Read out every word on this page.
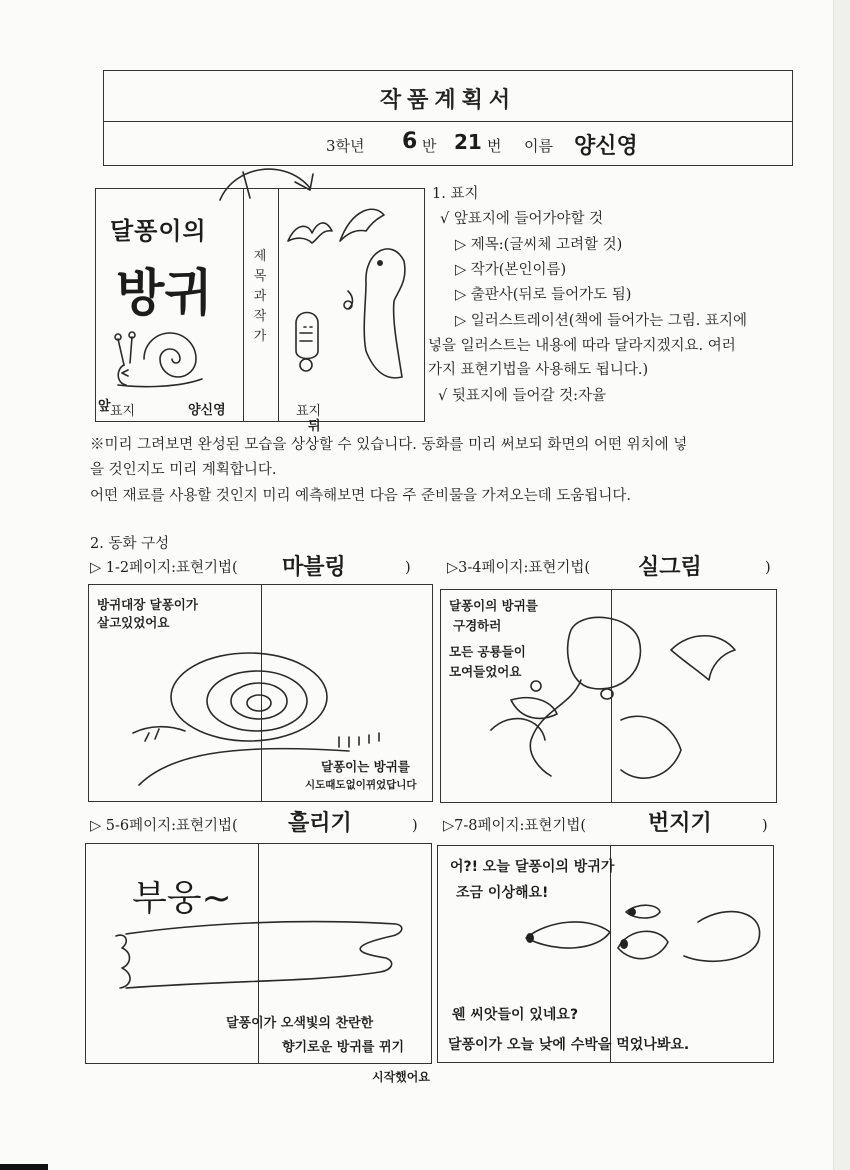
작품계획서
3학년 6 반 21 번 이름 양신영
달퐁이의
방귀
표지
앞	양신영
제목과작가
표지
뒤
1. 표지
√ 앞표지에 들어가야할 것
▷ 제목:(글씨체 고려할 것)
▷ 작가(본인이름)
▷ 출판사(뒤로 들어가도 됨)
▷ 일러스트레이션(책에 들어가는 그림. 표지에
넣을 일러스트는 내용에 따라 달라지겠지요. 여러
가지 표현기법을 사용해도 됩니다.)
√ 뒷표지에 들어갈 것:자율
※미리 그려보면 완성된 모습을 상상할 수 있습니다. 동화를 미리 써보되 화면의 어떤 위치에 넣
을 것인지도 미리 계획합니다.
어떤 재료를 사용할 것인지 미리 예측해보면 다음 주 준비물을 가져오는데 도움됩니다.
2. 동화 구성
▷ 1-2페이지:표현기법( 마블링	)	▷3-4페이지:표현기법( 실그림	)
방귀대장 달퐁이가
살고있었어요
달퐁이는 방귀를
시도때도없이뀌었답니다
달퐁이의 방귀를
구경하러
모든 공룡들이
모여들었어요
▷ 5-6페이지:표현기법( 흘리기	) ▷7-8페이지:표현기법(	번지기	)
부웅~
달퐁이가 오색빛의 찬란한
향기로운 방귀를 뀌기
시작했어요
어?! 오늘 달퐁이의 방귀가
조금 이상해요!
웬 씨앗들이 있네요?
달퐁이가 오늘 낮에 수박을 먹었나봐요.
